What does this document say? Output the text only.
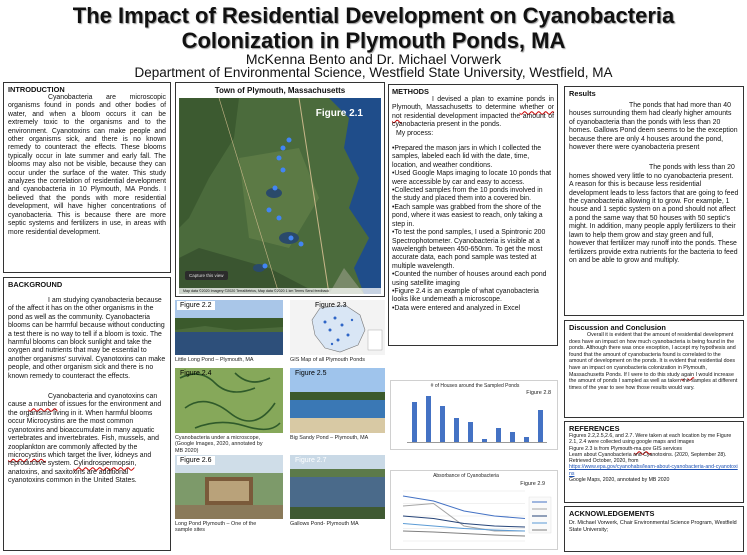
The Impact of Residential Development on Cyanobacteria
Colonization in Plymouth Ponds, MA
McKenna Bento and Dr. Michael Vorwerk
Department of Environmental Science, Westfield State University, Westfield, MA
INTRODUCTION

Cyanobacteria are microscopic organisms found in ponds and other bodies of water, and when a bloom occurs it can be extremely toxic to the organisms and to the environment. Cyanotoxins can make people and other organisms sick, and there is no known remedy to counteract the effects. These blooms typically occur in late summer and early fall. The blooms may also not be visible, because they can occur under the surface of the water. This study analyzes the correlation of residential development and cyanobacteria in 10 Plymouth, MA Ponds. I believed that the ponds with more residential development, will have higher concentrations of cyanobacteria. This is because there are more septic systems and fertilizers in use, in areas with more residential development.

BACKGROUND

I am studying cyanobacteria because of the affect it has on the other organisms in the pond as well as the community. Cyanobacteria blooms can be harmful because without conducting a test there is no way to tell if a bloom is toxic. The harmful blooms can block sunlight and take the oxygen and nutrients that may be essential to another organisms' survival. Cyanotoxins can make people, and other organism sick and there is no known remedy to counteract the effects.

Cyanobacteria and cyanotoxins can cause a number of issues for the environment and the organisms living in it. When harmful blooms occur Microcystins are the most common cyanotoxins and bioaccumulate in many aquatic vertebrates and invertebrates. Fish, mussels, and zooplankton are commonly affected by the microcystins which target the liver, kidneys and reproductive system. Cylindrospermopsin, anatoxins, and saxitoxins are additional cyanotoxins common in the United States.

Town of Plymouth, Massachusetts
Figure 2.1
Capture this view
Map data ©2020 Imagery ©2020 TerraMetrics, Map data ©2020 1 km Terms Send feedback
Figure 2.2
Little Long Pond – Plymouth, MA
Figure 2.3
GIS Map of all Plymouth Ponds
Figure 2.4
Cyanobacteria under a microscope, (Google Images, 2020, annotated by MB 2020)
Figure 2.5
Big Sandy Pond – Plymouth, MA
Figure 2.6
Long Pond Plymouth – One of the sample sites
Figure 2.7
Gallows Pond- Plymouth MA
METHODS

I devised a plan to examine ponds in Plymouth, Massachusetts to determine whether or not residential development impacted the amount of cyanobacteria present in the ponds.

My process:

•Prepared the mason jars in which I collected the samples, labeled each lid with the date, time, location, and weather conditions.
•Used Google Maps imaging to locate 10 ponds that were accessible by car and easy to access.
•Collected samples from the 10 ponds involved in the study and placed them into a covered bin.
•Each sample was grabbed from the shore of the pond, where it was easiest to reach, only taking a step in.
•To test the pond samples, I used a Spintronic 200 Spectrophotometer. Cyanobacteria is visible at a wavelength between 450-650nm. To get the most accurate data, each pond sample was tested at multiple wavelength.
•Counted the number of houses around each pond using satellite imaging
•Figure 2.4 is an example of what cyanobacteria looks like underneath a microscope.
•Data were entered and analyzed in Excel
# of Houses around the Sampled Ponds
Figure 2.8
Absorbance of Cyanobacteria
Figure 2.9
Results

The ponds that had more than 40 houses surrounding them had clearly higher amounts of cyanobacteria than the ponds with less than 20 homes. Gallows Pond deem seems to be the exception because there are only 4 houses around the pond, however there were cyanobacteria present

The ponds with less than 20 homes showed very little to no cyanobacteria present. A reason for this is because less residential development leads to less factors that are going to feed the cyanobacteria allowing it to grow. For example, 1 house and 1 septic system on a pond should not affect a pond the same way that 50 houses with 50 septic's might. In addition, many people apply fertilizers to their lawn to help them grow and stay green and full, however that fertilizer may runoff into the ponds. These fertilizers provide extra nutrients for the bacteria to feed on and be able to grow and multiply.

Discussion and Conclusion

Overall it is evident that the amount of residential development does have an impact on how much cyanobacteria is being found in the ponds. Although there was once exception, I accept my hypothesis and found that the amount of cyanobacteria found is correlated to the amount of development on the ponds. It is evident that residential does have an impact on cyanobacteria colonization in Plymouth, Massachusetts Ponds. If I were to do this study again I would increase the amount of ponds I sampled as well as taken the samples at different times of the year to see how those results would vary.

REFERENCES

Figures 2.2,2.5,2.6, and 2.7. Were taken at each location by me Figure 2.1, 2.4 were collected using google maps and images

Figure 2.3 is from Plymouth-ma.gov GIS services

Learn about Cyanobacteria and Cyanotoxins. (2020, September 28). Retrieved October, 2020, from

https://www.epa.gov/cyanohabs/learn-about-cyanobacteria-and-cyanotoxins

Google Maps, 2020, annotated by MB 2020

ACKNOWLEDGEMENTS

Dr. Michael Vorwerk, Chair Environmental Science Program, Westfield State University;
